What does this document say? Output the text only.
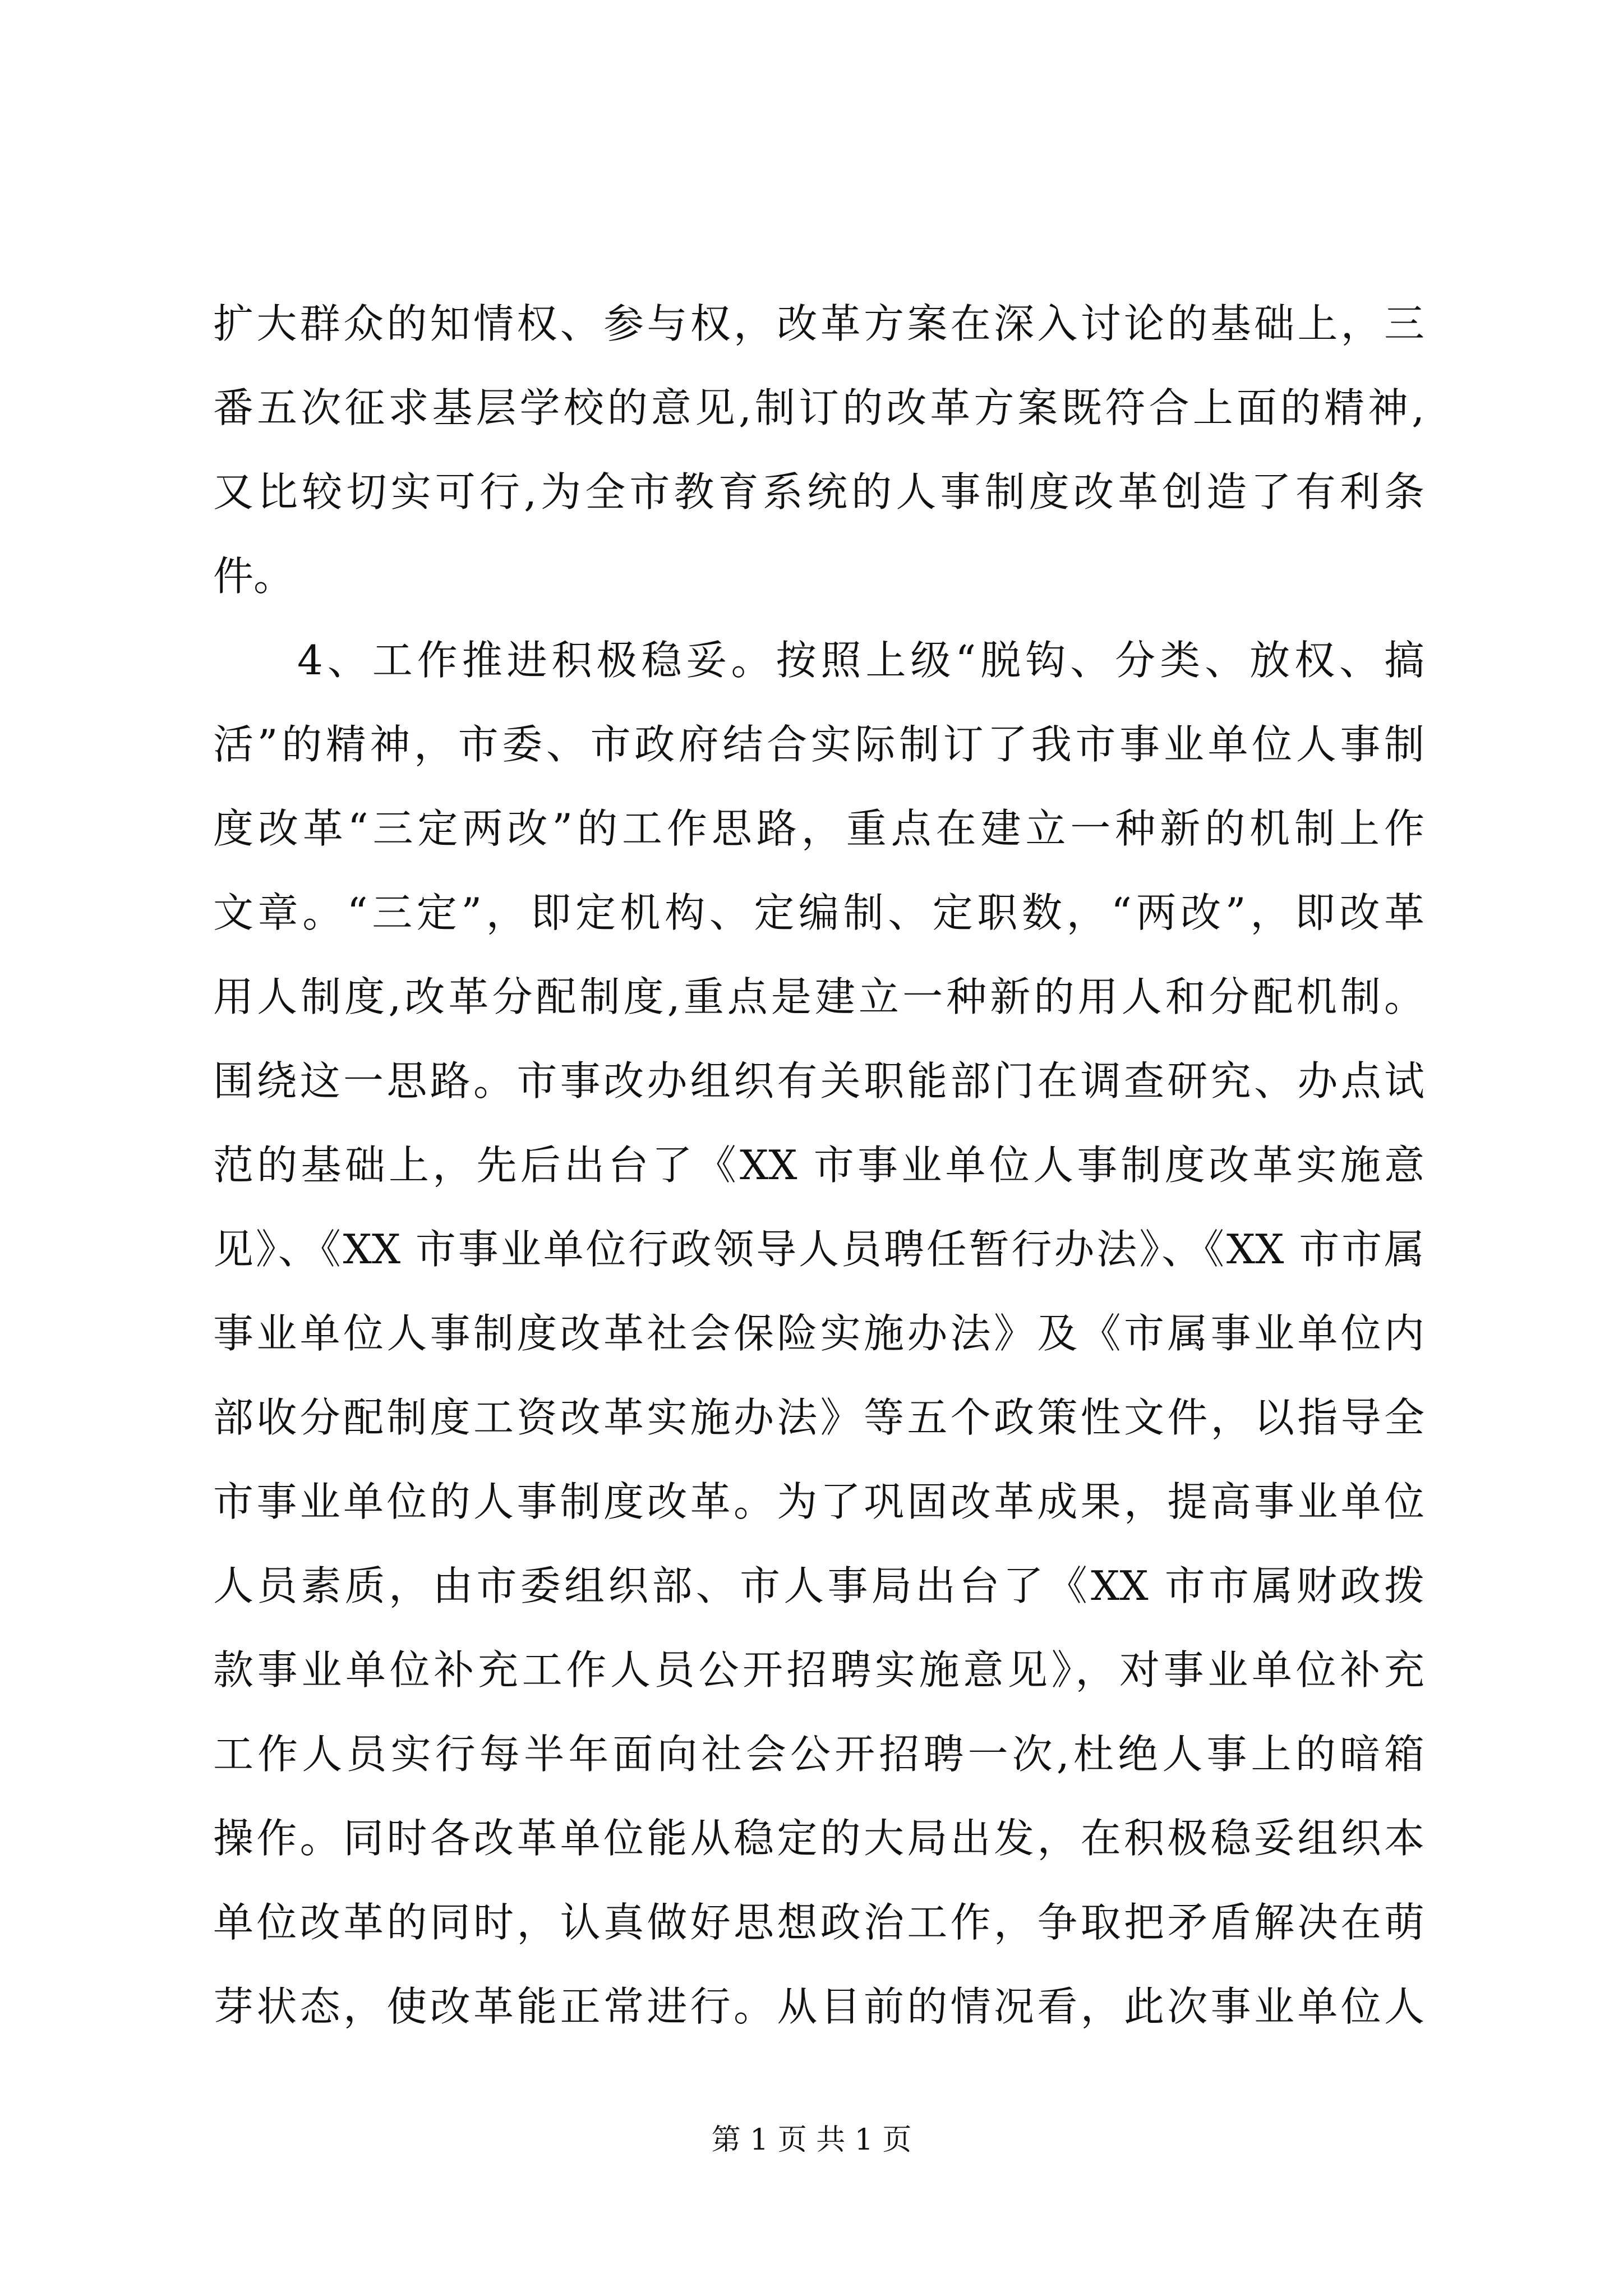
扩大群众的知情权、参与权，改革方案在深入讨论的基础上，三
番五次征求基层学校的意见,制订的改革方案既符合上面的精神,
又比较切实可行,为全市教育系统的人事制度改革创造了有利条
件。
4、工作推进积极稳妥。按照上级“脱钩、分类、放权、搞
活”的精神，市委、市政府结合实际制订了我市事业单位人事制
度改革“三定两改”的工作思路，重点在建立一种新的机制上作
文章。“三定”，即定机构、定编制、定职数，“两改”，即改革
用人制度,改革分配制度,重点是建立一种新的用人和分配机制。
围绕这一思路。市事改办组织有关职能部门在调查研究、办点试
范的基础上，先后出台了《XX 市事业单位人事制度改革实施意
见》、《XX 市事业单位行政领导人员聘任暂行办法》、《XX 市市属
事业单位人事制度改革社会保险实施办法》及《市属事业单位内
部收分配制度工资改革实施办法》等五个政策性文件，以指导全
市事业单位的人事制度改革。为了巩固改革成果，提高事业单位
人员素质，由市委组织部、市人事局出台了《XX 市市属财政拨
款事业单位补充工作人员公开招聘实施意见》，对事业单位补充
工作人员实行每半年面向社会公开招聘一次,杜绝人事上的暗箱
操作。同时各改革单位能从稳定的大局出发，在积极稳妥组织本
单位改革的同时，认真做好思想政治工作，争取把矛盾解决在萌
芽状态，使改革能正常进行。从目前的情况看，此次事业单位人
第 1 页 共 1 页
